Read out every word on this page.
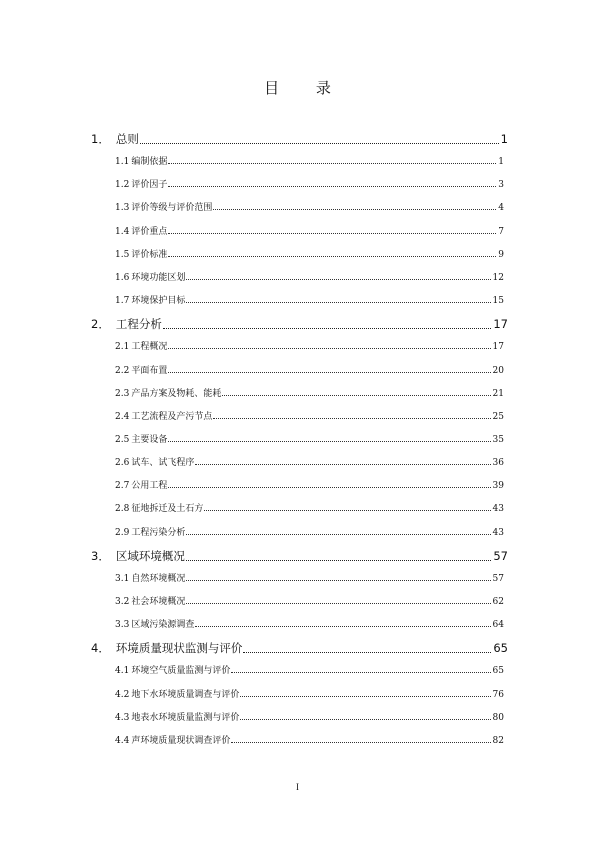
目 录
1． 总则	1
1.1 编制依据	1
1.2 评价因子	3
1.3 评价等级与评价范围	4
1.4 评价重点	7
1.5 评价标准	9
1.6 环境功能区划	12
1.7 环境保护目标	15
2． 工程分析	17
2.1 工程概况	17
2.2 平面布置	20
2.3 产品方案及物耗、能耗	21
2.4 工艺流程及产污节点	25
2.5 主要设备	35
2.6 试车、试飞程序	36
2.7 公用工程	39
2.8 征地拆迁及土石方	43
2.9 工程污染分析	43
3． 区域环境概况	57
3.1 自然环境概况	57
3.2 社会环境概况	62
3.3 区域污染源调查	64
4． 环境质量现状监测与评价	65
4.1 环境空气质量监测与评价	65
4.2 地下水环境质量调查与评价	76
4.3 地表水环境质量监测与评价	80
4.4 声环境质量现状调查评价	82
I
